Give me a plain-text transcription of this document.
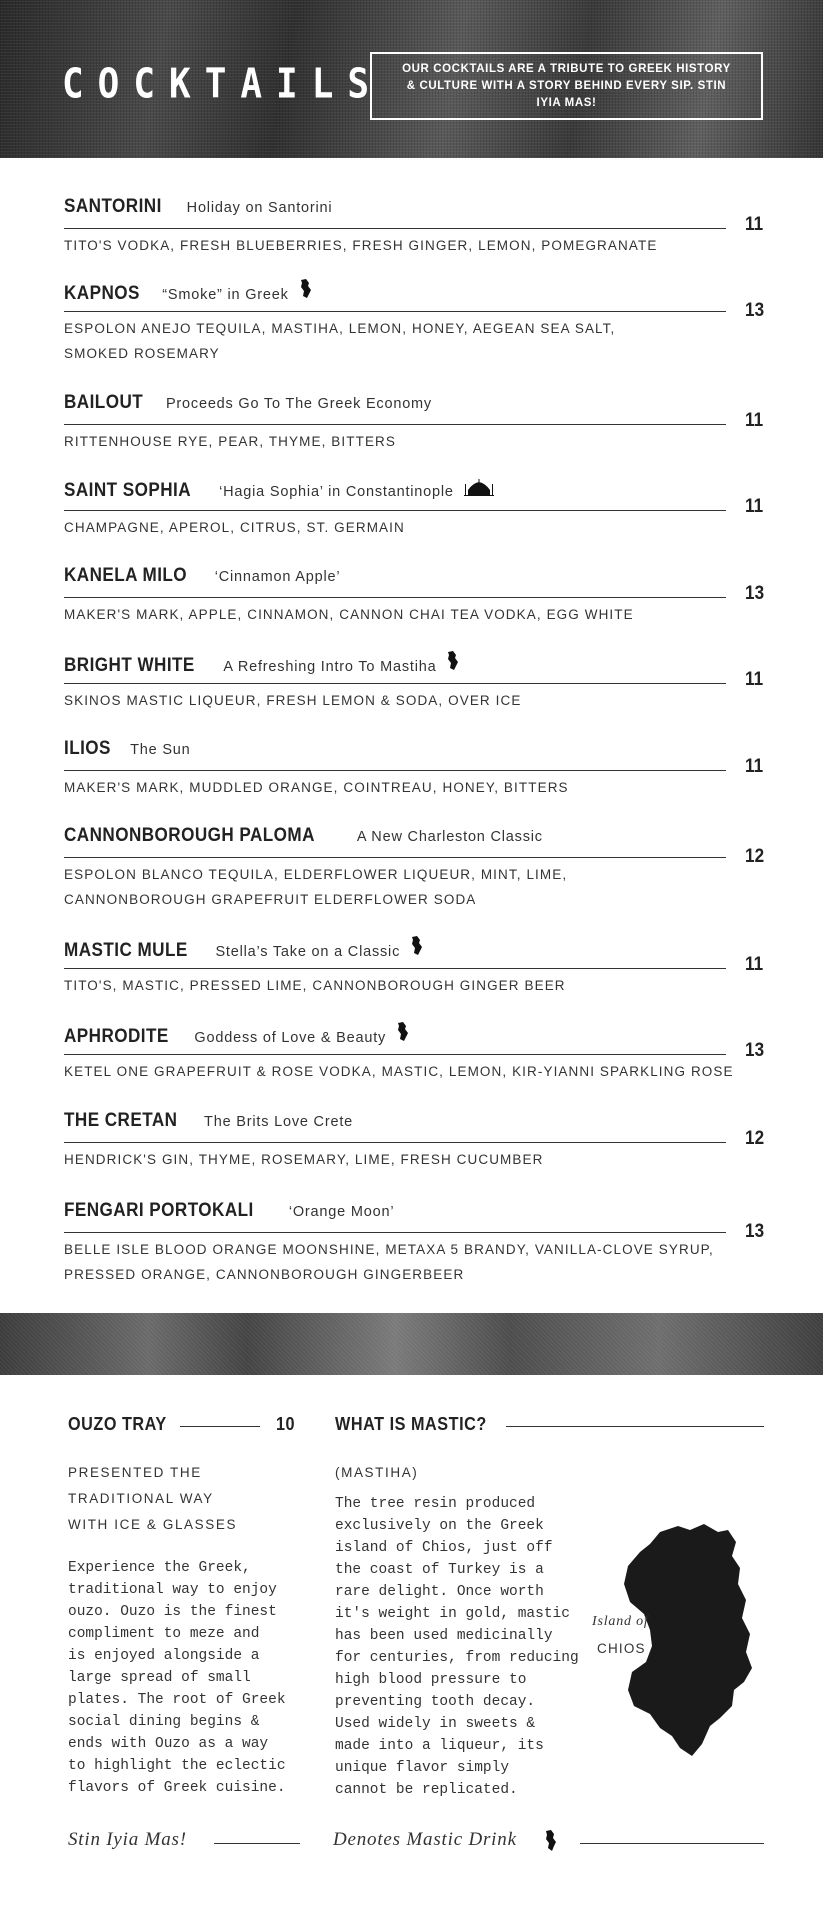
COCKTAILS OUR COCKTAILS ARE A TRIBUTE TO GREEK HISTORY & CULTURE WITH A STORY BEHIND EVERY SIP. STIN IYIA MAS!
SANTORINI Holiday on Santorini
TITO'S VODKA, FRESH BLUEBERRIES, FRESH GINGER, LEMON, POMEGRANATE
11
KAPNOS “Smoke” in Greek
ESPOLON ANEJO TEQUILA, MASTIHA, LEMON, HONEY, AEGEAN SEA SALT,
SMOKED ROSEMARY
13
BAILOUT Proceeds Go To The Greek Economy
RITTENHOUSE RYE, PEAR, THYME, BITTERS
11
SAINT SOPHIA ‘Hagia Sophia’ in Constantinople
CHAMPAGNE, APEROL, CITRUS, ST. GERMAIN
11
KANELA MILO ‘Cinnamon Apple’
MAKER'S MARK, APPLE, CINNAMON, CANNON CHAI TEA VODKA, EGG WHITE
13
BRIGHT WHITE A Refreshing Intro To Mastiha
SKINOS MASTIC LIQUEUR, FRESH LEMON & SODA, OVER ICE
11
ILIOS The Sun
MAKER'S MARK, MUDDLED ORANGE, COINTREAU, HONEY, BITTERS
11
CANNONBOROUGH PALOMA	A New Charleston Classic
ESPOLON BLANCO TEQUILA, ELDERFLOWER LIQUEUR, MINT, LIME,
CANNONBOROUGH GRAPEFRUIT ELDERFLOWER SODA
12
MASTIC MULE Stella’s Take on a Classic
TITO'S, MASTIC, PRESSED LIME, CANNONBOROUGH GINGER BEER
11
APHRODITE Goddess of Love & Beauty
KETEL ONE GRAPEFRUIT & ROSE VODKA, MASTIC, LEMON, KIR-YIANNI SPARKLING ROSE
13
THE CRETAN The Brits Love Crete
HENDRICK'S GIN, THYME, ROSEMARY, LIME, FRESH CUCUMBER
12
FENGARI PORTOKALI ‘Orange Moon’
BELLE ISLE BLOOD ORANGE MOONSHINE, METAXA 5 BRANDY, VANILLA-CLOVE SYRUP,
PRESSED ORANGE, CANNONBOROUGH GINGERBEER
13
OUZO TRAY	10
PRESENTED THE
TRADITIONAL WAY
WITH ICE & GLASSES
Experience the Greek,
traditional way to enjoy
ouzo. Ouzo is the finest
compliment to meze and
is enjoyed alongside a
large spread of small
plates. The root of Greek
social dining begins &
ends with Ouzo as a way
to highlight the eclectic
flavors of Greek cuisine.
Stin Iyia Mas!
WHAT IS MASTIC?
(MASTIHA)
The tree resin produced
exclusively on the Greek
island of Chios, just off
the coast of Turkey is a
rare delight. Once worth
it's weight in gold, mastic
has been used medicinally
for centuries, from reducing
high blood pressure to
preventing tooth decay.
Used widely in sweets &
made into a liqueur, its
unique flavor simply
cannot be replicated.
Island of
CHIOS
Denotes Mastic Drink
